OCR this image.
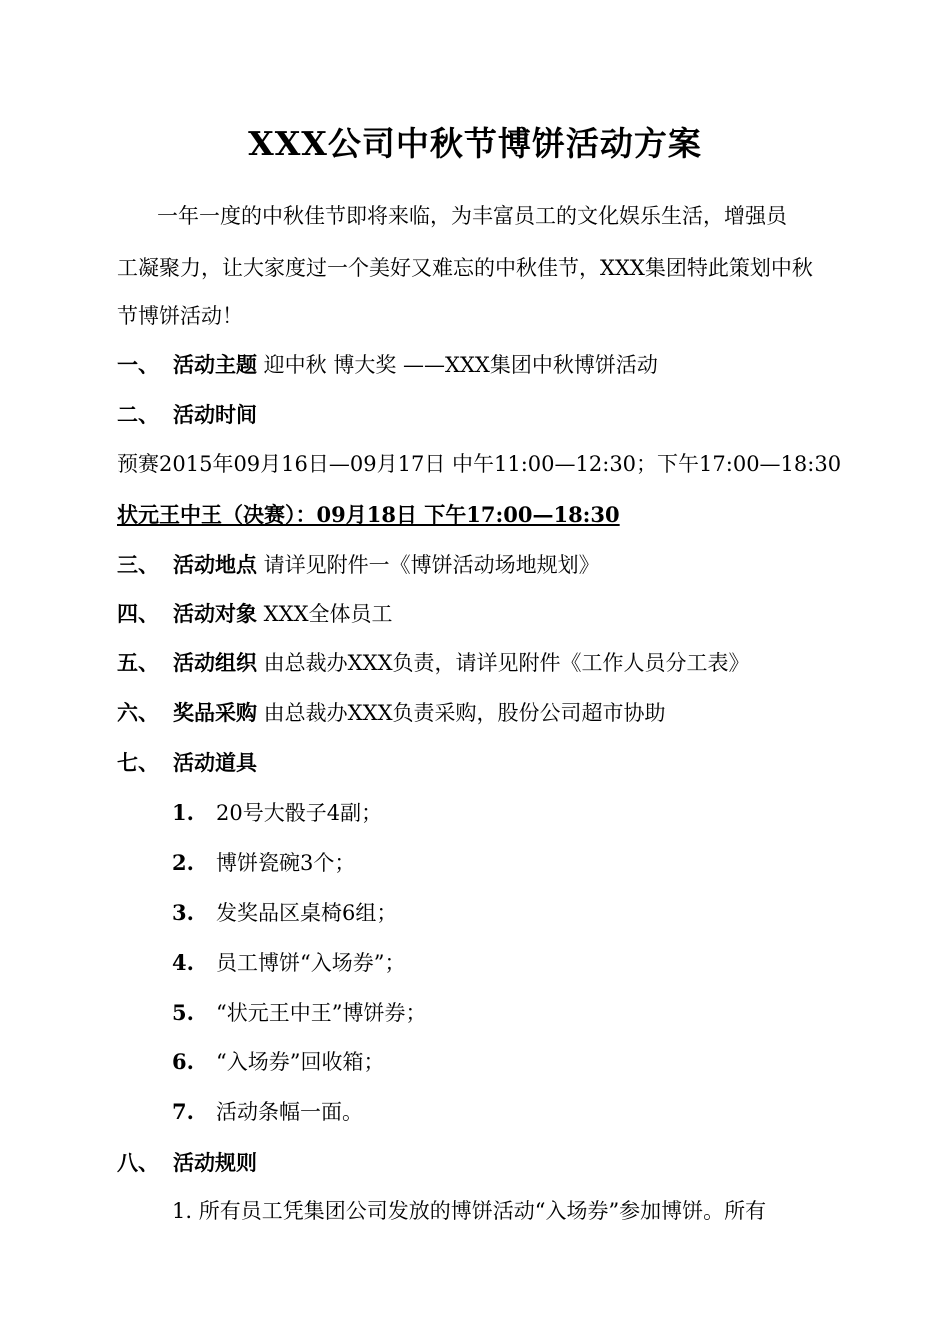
XXX公司中秋节博饼活动方案
一年一度的中秋佳节即将来临，为丰富员工的文化娱乐生活，增强员
工凝聚力，让大家度过一个美好又难忘的中秋佳节，XXX集团特此策划中秋
节博饼活动！
一、 活动主题 迎中秋 博大奖 ——XXX集团中秋博饼活动
二、 活动时间
预赛2015年09月16日—09月17日 中午11:00—12:30；下午17:00—18:30
状元王中王（决赛）：09月18日 下午17:00—18:30
三、 活动地点 请详见附件一《博饼活动场地规划》
四、 活动对象 XXX全体员工
五、 活动组织 由总裁办XXX负责，请详见附件《工作人员分工表》
六、 奖品采购 由总裁办XXX负责采购，股份公司超市协助
七、 活动道具
1. 20号大骰子4副；
2. 博饼瓷碗3个；
3. 发奖品区桌椅6组；
4. 员工博饼“入场券”；
5. “状元王中王”博饼券；
6. “入场券”回收箱；
7. 活动条幅一面。
八、 活动规则
1. 所有员工凭集团公司发放的博饼活动“入场券”参加博饼。所有
